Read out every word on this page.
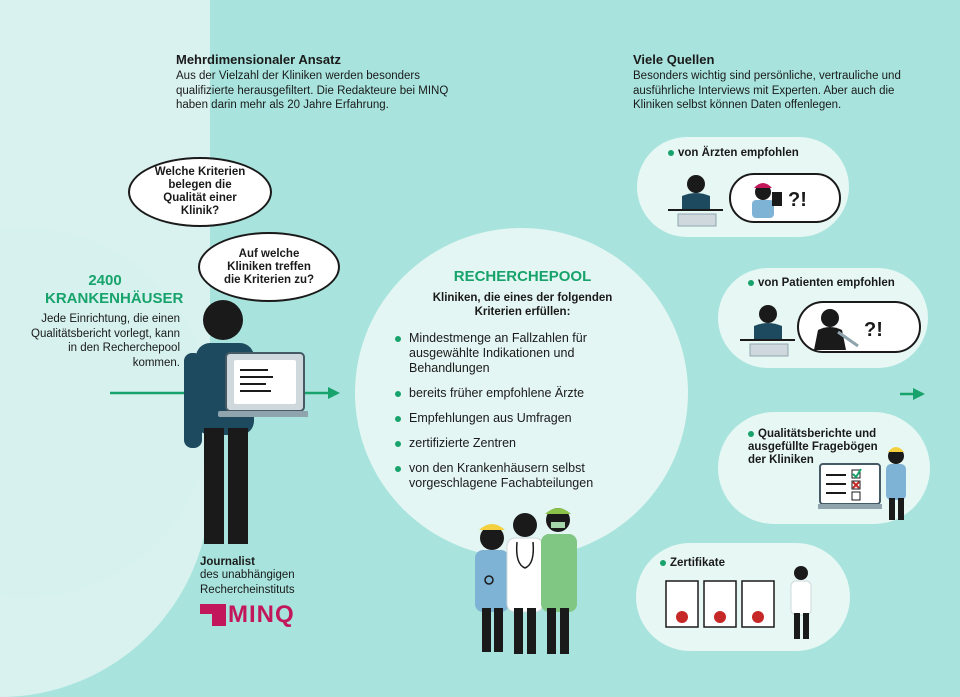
Mehrdimensionaler Ansatz
Aus der Vielzahl der Kliniken werden besonders qualifizierte herausgefiltert. Die Redakteure bei MINQ haben darin mehr als 20 Jahre Erfahrung.
Viele Quellen
Besonders wichtig sind persönliche, vertrauliche und ausführliche Interviews mit Experten. Aber auch die Kliniken selbst können Daten offenlegen.
Welche Kriterien belegen die Qualität einer Klinik?
Auf welche Kliniken treffen die Kriterien zu?
2400 KRANKENHÄUSER
Jede Einrichtung, die einen Qualitätsbericht vorlegt, kann in den Recherchepool kommen.
Journalist
des unabhängigen Rechercheinstituts
MINQ
RECHERCHEPOOL
Kliniken, die eines der folgenden Kriterien erfüllen:
Mindestmenge an Fallzahlen für ausgewählte Indikationen und Behandlungen
bereits früher empfohlene Ärzte
Empfehlungen aus Umfragen
zertifizierte Zentren
von den Krankenhäusern selbst vorgeschlagene Fachabteilungen
von Ärzten empfohlen
?!
von Patienten empfohlen
?!
Qualitätsberichte und ausgefüllte Fragebögen der Kliniken
Zertifikate
